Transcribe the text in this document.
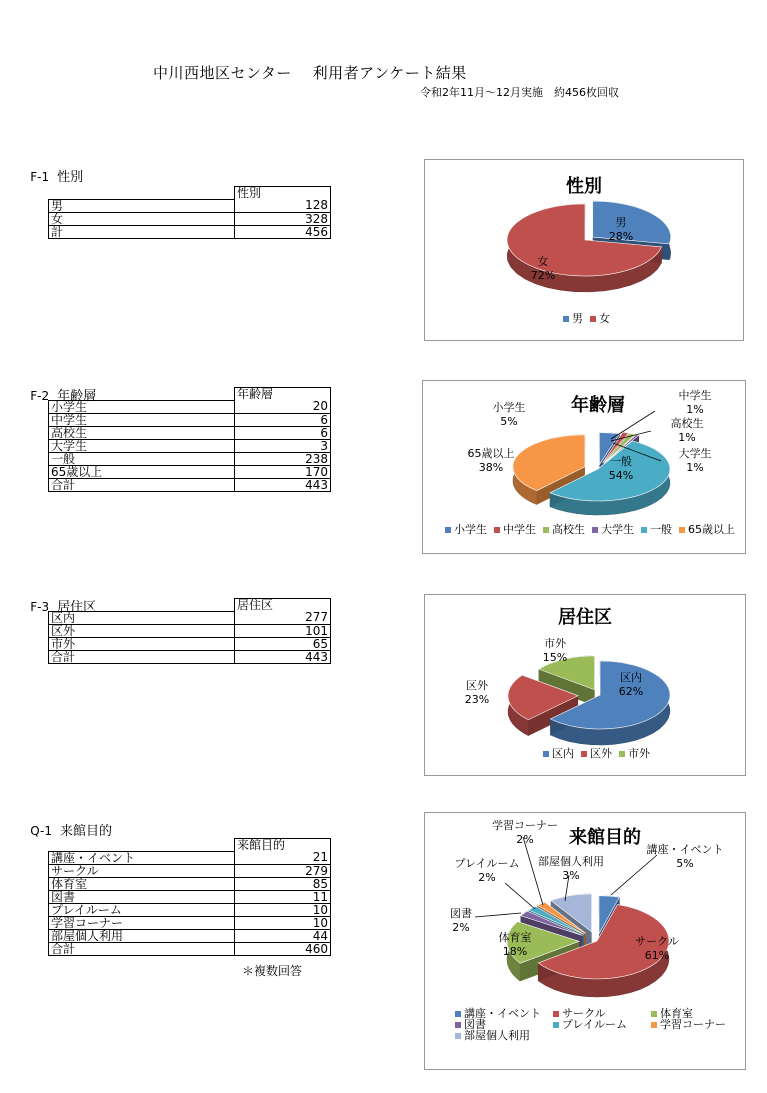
中川西地区センター　 利用者アンケート結果
令和2年11月～12月実施　約456枚回収

F-1 性別

	性別
男	128
女	328
計	456

F-2 年齢層

		年齢層
小学生	20
中学生	6
高校生	6
大学生	3
一般	238
65歳以上	170
合計	443

F-3 居住区

		居住区
区内	277
区外	101
市外	65
合計	443

Q-1 来館目的

	来館目的
講座・イベント	21
サークル	279
体育室	85
図書	11
プレイルーム	10
学習コーナー	10
部屋個人利用	44
合計	460
＊複数回答
性別
男
28%
女
72%
男 女
年齢層
小学生
5%
中学生
1%
高校生
1%
大学生
1%
一般
54%
65歳以上
38%
小学生 中学生 高校生 大学生 一般 65歳以上
居住区
区内
62%
区外
23%
市外
15%
区内 区外 市外
来館目的
講座・イベント
5%
サークル
61%
体育室
18%
図書
2%
プレイルーム
2%
学習コーナー
2%
部屋個人利用
3%
講座・イベント サークル	体育室
図書	プレイルーム	学習コーナー
部屋個人利用
